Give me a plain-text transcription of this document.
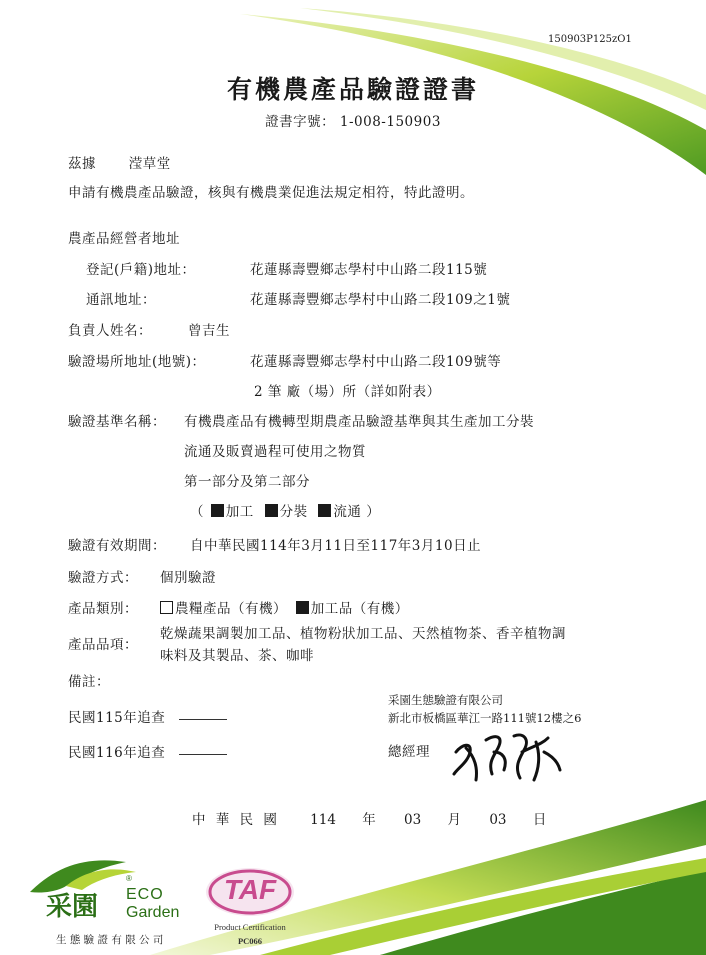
150903P125zO1
有機農產品驗證證書
證書字號： 1-008-150903
茲據 滢草堂
申請有機農產品驗證，核與有機農業促進法規定相符，特此證明。
農產品經營者地址
登記(戶籍)地址：	花蓮縣壽豐鄉志學村中山路二段115號
通訊地址：	花蓮縣壽豐鄉志學村中山路二段109之1號
負責人姓名：	曾吉生
驗證場所地址(地號)：	花蓮縣壽豐鄉志學村中山路二段109號等
2 筆 廠（場）所（詳如附表）
驗證基準名稱： 有機農產品有機轉型期農產品驗證基準與其生產加工分裝
流通及販賣過程可使用之物質
第一部分及第二部分
（ 加工 分裝 流通 ）
驗證有效期間： 自中華民國114年3月11日至117年3月10日止
驗證方式： 個別驗證
產品類別：	農糧產品（有機） 加工品（有機）
產品品項：
乾燥蔬果調製加工品、植物粉狀加工品、天然植物茶、香辛植物調
味料及其製品、茶、咖啡
備註：
民國115年追查
民國116年追查
采園生態驗證有限公司
新北市板橋區華江一路111號12樓之6
總經理
中 華 民 國 114 年 03 月 03 日
采園 ECO
Garden
®
生 態 驗 證 有 限 公 司
TAF
Product Certification
PC066
